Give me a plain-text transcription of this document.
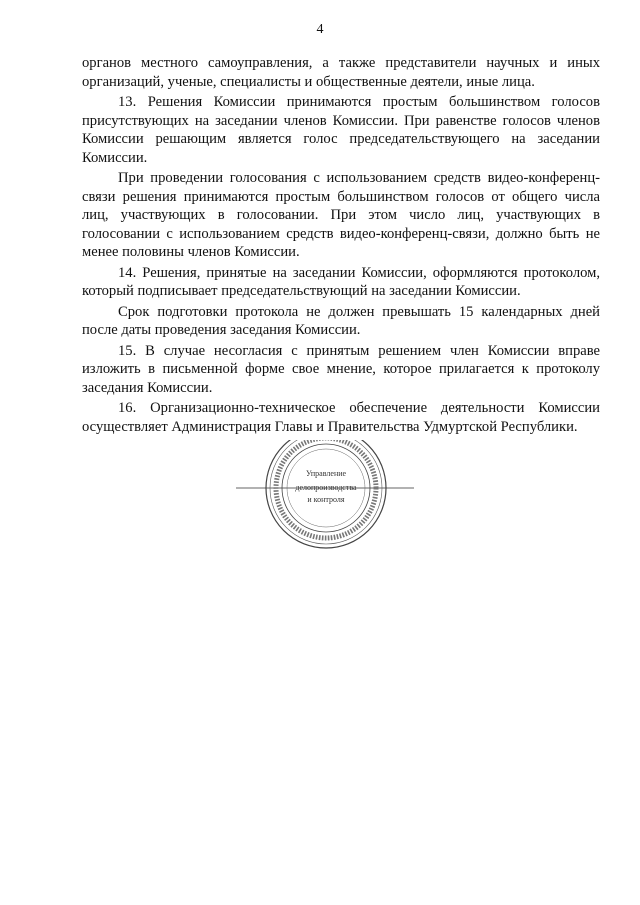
4

органов местного самоуправления, а также представители научных и иных организаций, ученые, специалисты и общественные деятели, иные лица.

13. Решения Комиссии принимаются простым большинством голосов присутствующих на заседании членов Комиссии. При равенстве голосов членов Комиссии решающим является голос председательствующего на заседании Комиссии.

При проведении голосования с использованием средств видео-конференц-связи решения принимаются простым большинством голосов от общего числа лиц, участвующих в голосовании. При этом число лиц, участвующих в голосовании с использованием средств видео-конференц-связи, должно быть не менее половины членов Комиссии.

14. Решения, принятые на заседании Комиссии, оформляются протоколом, который подписывает председательствующий на заседании Комиссии.

Срок подготовки протокола не должен превышать 15 календарных дней после даты проведения заседания Комиссии.

15. В случае несогласия с принятым решением член Комиссии вправе изложить в письменной форме свое мнение, которое прилагается к протоколу заседания Комиссии.

16. Организационно-техническое обеспечение деятельности Комиссии осуществляет Администрация Главы и Правительства Удмуртской Республики.

Управление
делопроизводства
и контроля
